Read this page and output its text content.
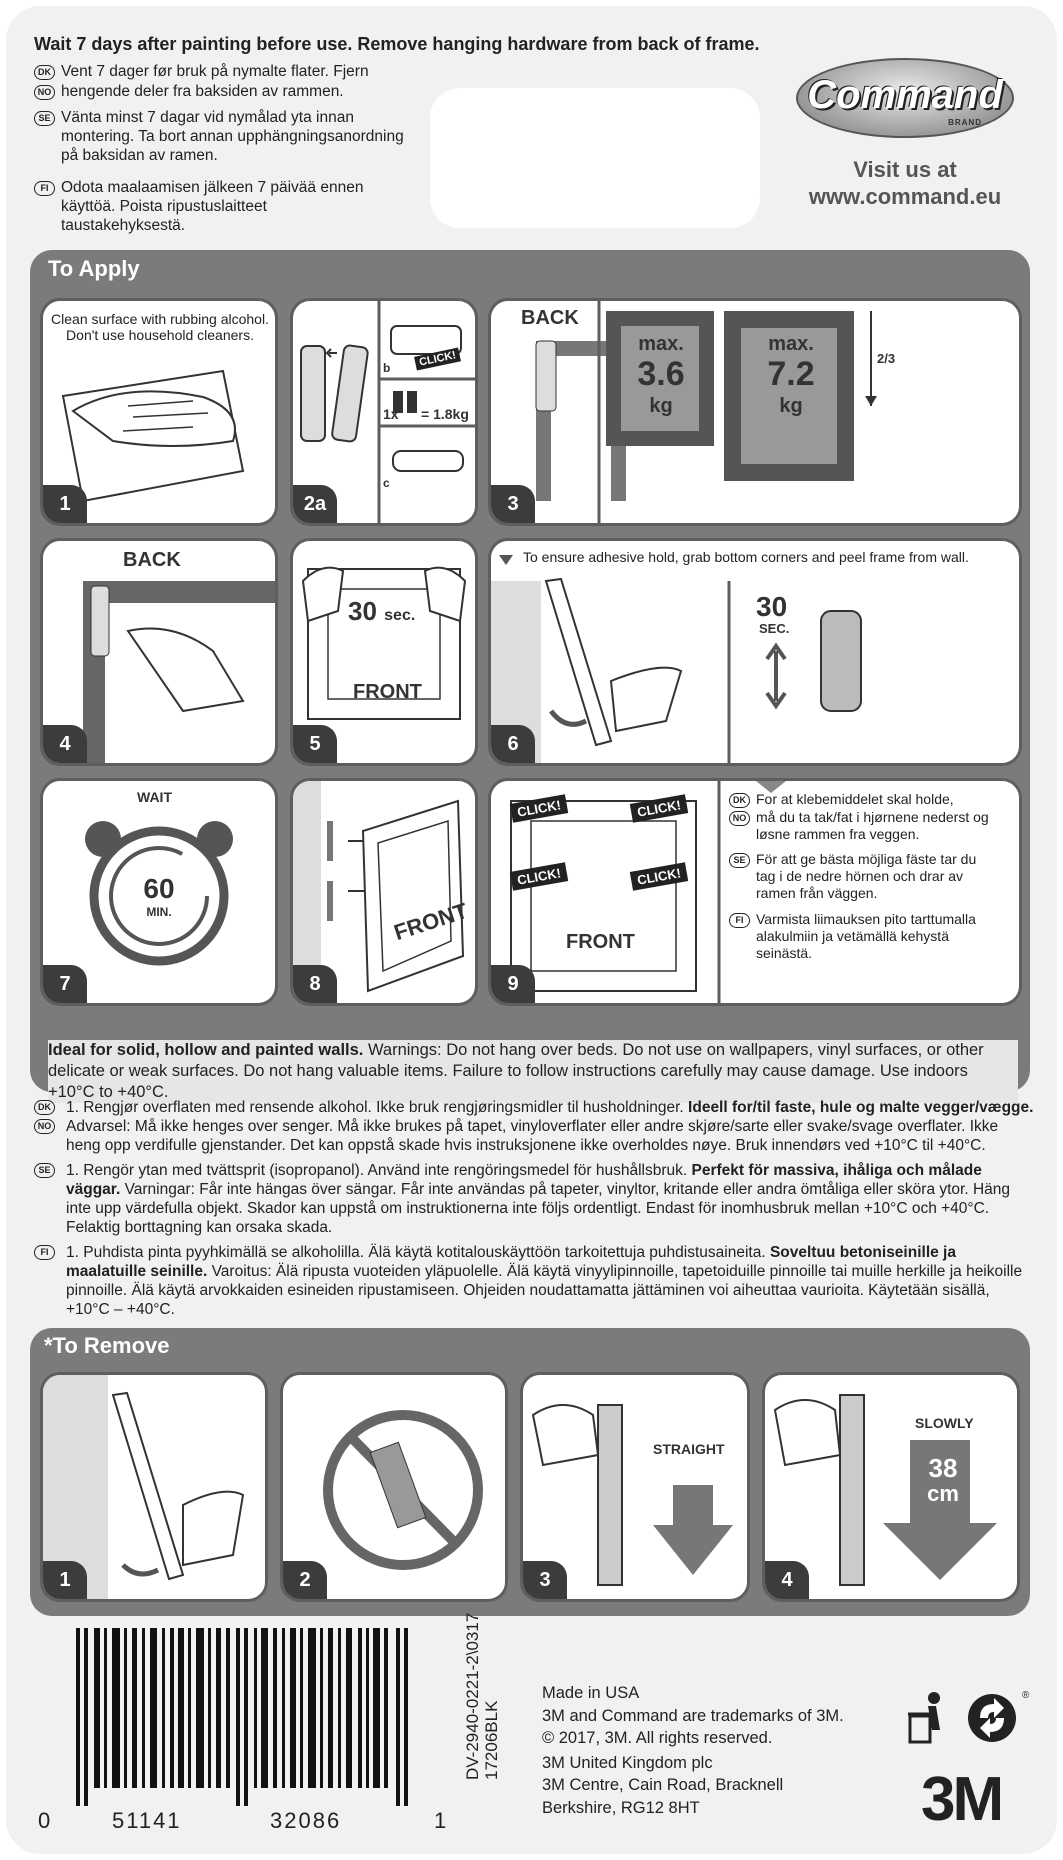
Wait 7 days after painting before use. Remove hanging hardware from back of frame.
DK Vent 7 dager før bruk på nymalte flater. Fjern
NO hengende deler fra baksiden av rammen.
SE Vänta minst 7 dagar vid nymålad yta innan montering. Ta bort annan upphängningsanordning på baksidan av ramen.
FI Odota maalaamisen jälkeen 7 päivää ennen käyttöä. Poista ripustuslaitteet taustakehyksestä.
Command
BRAND
Visit us at
www.command.eu
To Apply
Clean surface with rubbing alcohol. Don't use household cleaners.
1
CLICK!
b
1x = 1.8kg
c
2a
BACK
max.
3.6
kg
max.
7.2
kg
2/3
3
BACK
4
30 sec.
FRONT
5
To ensure adhesive hold, grab bottom corners and peel frame from wall.
30
SEC.
6
WAIT
60
MIN.
7
FRONT
8
CLICK!	CLICK!
CLICK!	CLICK!
FRONT
DK For at klebemiddelet skal holde,
NO må du ta tak/fat i hjørnene nederst og løsne rammen fra veggen.
SE För att ge bästa möjliga fäste tar du tag i de nedre hörnen och drar av ramen från väggen.
FI Varmista liimauksen pito tarttumalla alakulmiin ja vetämällä kehystä seinästä.
9
Ideal for solid, hollow and painted walls. Warnings: Do not hang over beds. Do not use on wallpapers, vinyl surfaces, or other delicate or weak surfaces. Do not hang valuable items. Failure to follow instructions carefully may cause damage. Use indoors +10°C to +40°C.
DK
NO
1. Rengjør overflaten med rensende alkohol. Ikke bruk rengjøringsmidler til husholdninger. Ideell for/til faste, hule og malte vegger/vægge. Advarsel: Må ikke henges over senger. Må ikke brukes på tapet, vinyloverflater eller andre skjøre/sarte eller svake/svage overflater. Ikke heng opp verdifulle gjenstander. Det kan oppstå skade hvis instruksjonene ikke overholdes nøye. Bruk innendørs ved +10°C til +40°C.
SE 1. Rengör ytan med tvättsprit (isopropanol). Använd inte rengöringsmedel för hushållsbruk. Perfekt för massiva, ihåliga och målade väggar. Varningar: Får inte hängas över sängar. Får inte användas på tapeter, vinyltor, kritande eller andra ömtåliga eller sköra ytor. Häng inte upp värdefulla objekt. Skador kan uppstå om instruktionerna inte följs ordentligt. Endast för inomhusbruk mellan +10°C och +40°C. Felaktig borttagning kan orsaka skada.
FI	1. Puhdista pinta pyyhkimällä se alkoholilla. Älä käytä kotitalouskäyttöön tarkoitettuja puhdistusaineita. Soveltuu betoniseinille ja maalatuille seinille. Varoitus: Älä ripusta vuoteiden yläpuolelle. Älä käytä vinyylipinnoille, tapetoiduille pinnoille tai muille herkille ja heikoille pinnoille. Älä käytä arvokkaiden esineiden ripustamiseen. Ohjeiden noudattamatta jättäminen voi aiheuttaa vaurioita. Käytetään sisällä, +10°C – +40°C.
*To Remove
1	2
STRAIGHT
3
SLOWLY
38
cm
4
0	51141	32086	1
DV-2940-0221-2\0317 17206BLK
Made in USA
3M and Command are trademarks of 3M.
© 2017, 3M. All rights reserved.
3M United Kingdom plc
3M Centre, Cain Road, Bracknell
Berkshire, RG12 8HT
®
3M
